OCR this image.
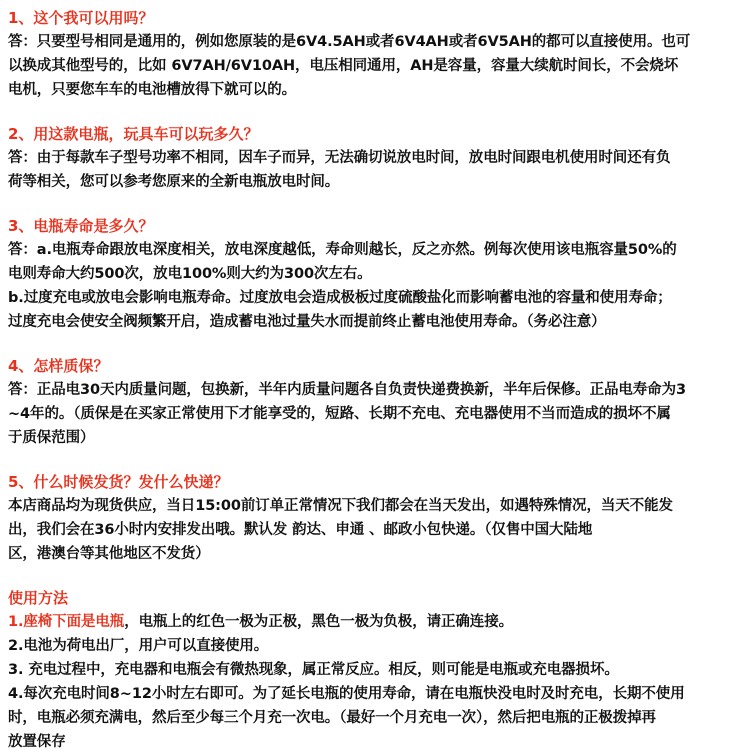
1、这个我可以用吗？
答：只要型号相同是通用的，例如您原装的是6V4.5AH或者6V4AH或者6V5AH的都可以直接使用。也可
以换成其他型号的，比如 6V7AH/6V10AH，电压相同通用，AH是容量，容量大续航时间长，不会烧坏
电机，只要您车车的电池槽放得下就可以的。
2、用这款电瓶，玩具车可以玩多久？
答：由于每款车子型号功率不相同，因车子而异，无法确切说放电时间，放电时间跟电机使用时间还有负
荷等相关，您可以参考您原来的全新电瓶放电时间。
3、电瓶寿命是多久？
答：a.电瓶寿命跟放电深度相关，放电深度越低，寿命则越长，反之亦然。例每次使用该电瓶容量50%的
电则寿命大约500次，放电100%则大约为300次左右。
b.过度充电或放电会影响电瓶寿命。过度放电会造成极板过度硫酸盐化而影响蓄电池的容量和使用寿命；
过度充电会使安全阀频繁开启，造成蓄电池过量失水而提前终止蓄电池使用寿命。（务必注意）
4、怎样质保？
答：正品电30天内质量问题，包换新，半年内质量问题各自负责快递费换新，半年后保修。正品电寿命为3
~4年的。（质保是在买家正常使用下才能享受的，短路、长期不充电、充电器使用不当而造成的损坏不属
于质保范围）
5、什么时候发货？发什么快递？
本店商品均为现货供应，当日15:00前订单正常情况下我们都会在当天发出，如遇特殊情况，当天不能发
出，我们会在36小时内安排发出哦。默认发 韵达、申通 、邮政小包快递。（仅售中国大陆地
区，港澳台等其他地区不发货）
使用方法
1.座椅下面是电瓶，电瓶上的红色一极为正极，黑色一极为负极，请正确连接。
2.电池为荷电出厂，用户可以直接使用。
3. 充电过程中，充电器和电瓶会有微热现象，属正常反应。相反，则可能是电瓶或充电器损坏。
4.每次充电时间8~12小时左右即可。为了延长电瓶的使用寿命，请在电瓶快没电时及时充电，长期不使用
时，电瓶必须充满电，然后至少每三个月充一次电。（最好一个月充电一次），然后把电瓶的正极拨掉再
放置保存
